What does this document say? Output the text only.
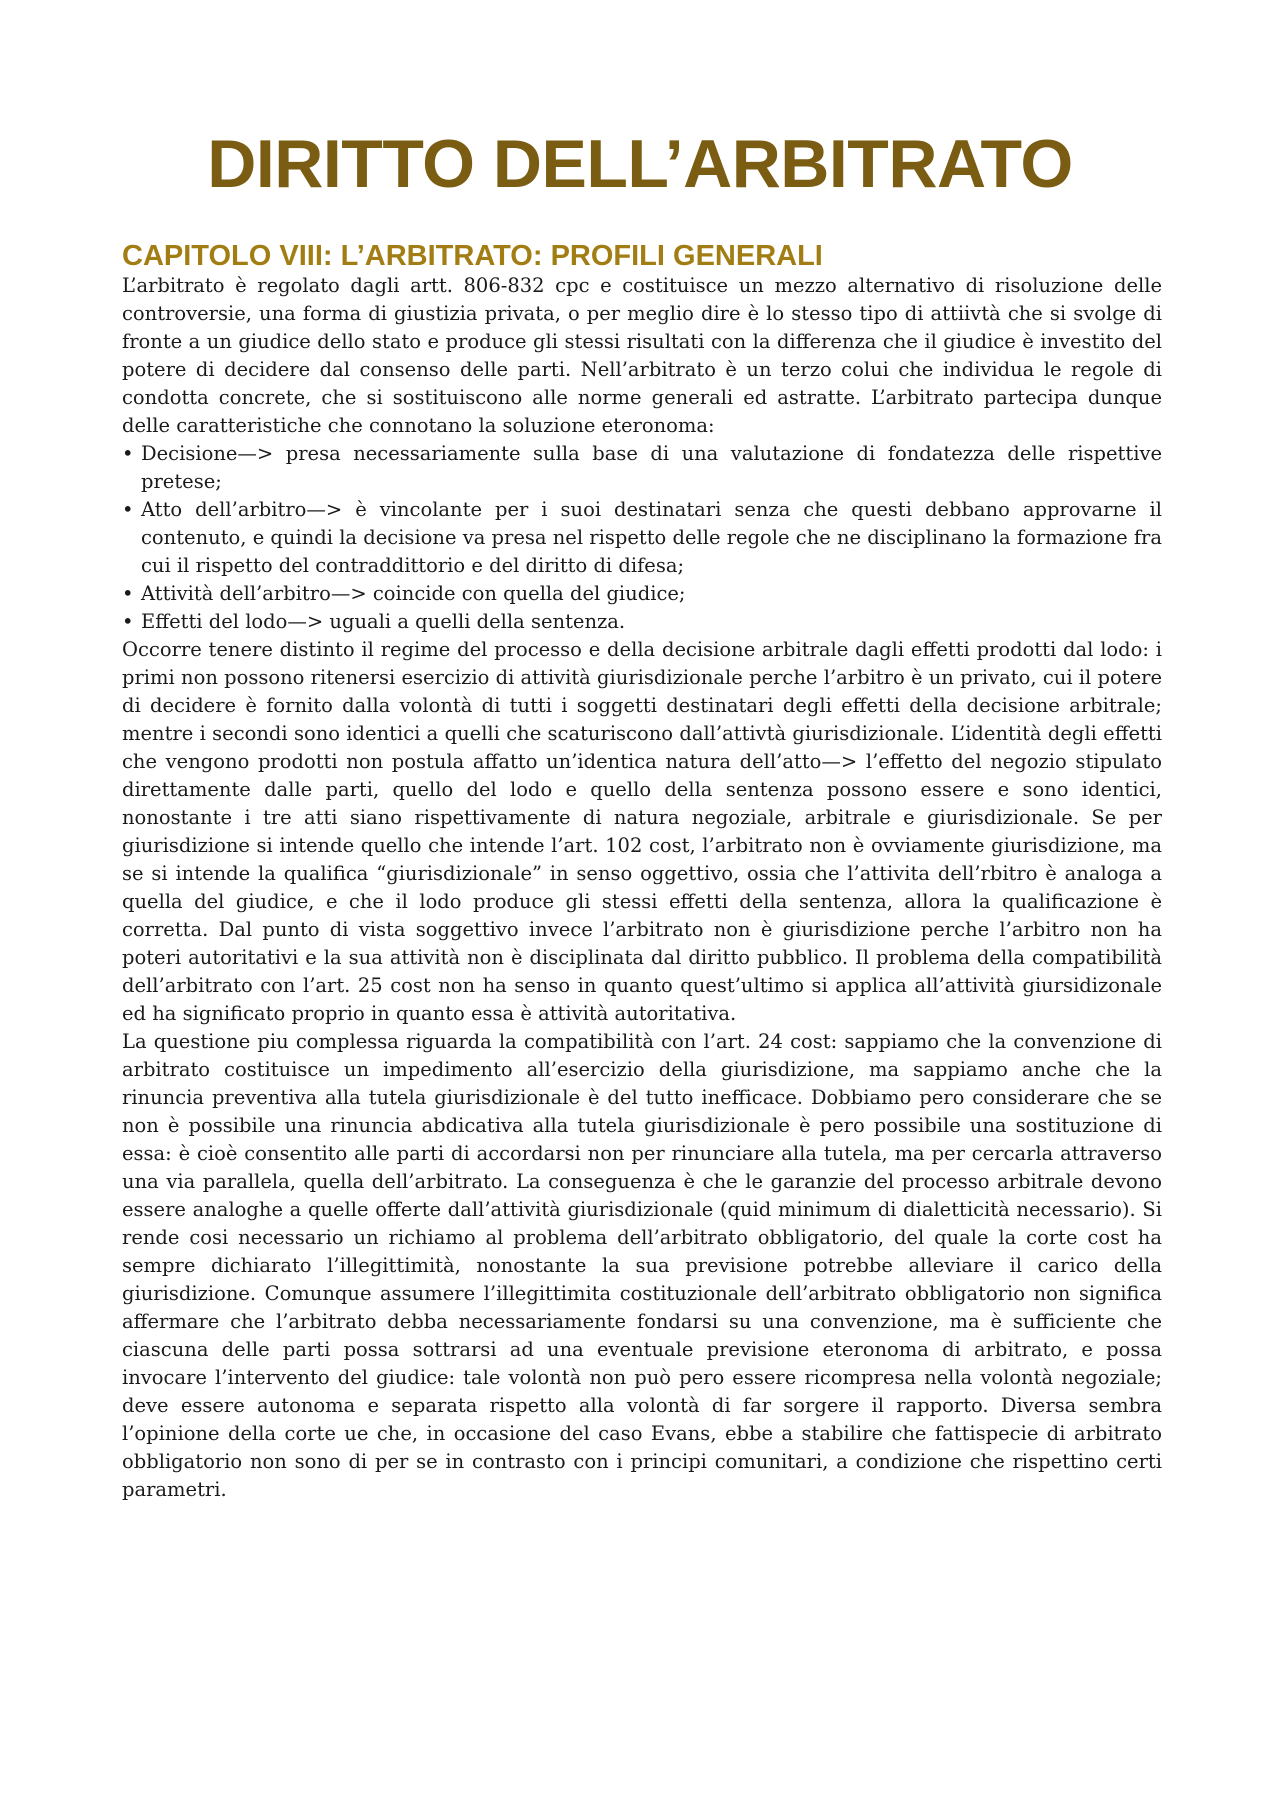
DIRITTO DELL’ARBITRATO
CAPITOLO VIII: L’ARBITRATO: PROFILI GENERALI

L’arbitrato è regolato dagli artt. 806-832 cpc e costituisce un mezzo alternativo di risoluzione delle controversie, una forma di giustizia privata, o per meglio dire è lo stesso tipo di attiivtà che si svolge di fronte a un giudice dello stato e produce gli stessi risultati con la differenza che il giudice è investito del potere di decidere dal consenso delle parti. Nell’arbitrato è un terzo colui che individua le regole di condotta concrete, che si sostituiscono alle norme generali ed astratte. L’arbitrato partecipa dunque delle caratteristiche che connotano la soluzione eteronoma:

• Decisione—> presa necessariamente sulla base di una valutazione di fondatezza delle rispettive pretese;
• Atto dell’arbitro—> è vincolante per i suoi destinatari senza che questi debbano approvarne il contenuto, e quindi la decisione va presa nel rispetto delle regole che ne disciplinano la formazione fra cui il rispetto del contraddittorio e del diritto di difesa;
• Attività dell’arbitro—> coincide con quella del giudice;
• Effetti del lodo—> uguali a quelli della sentenza.

Occorre tenere distinto il regime del processo e della decisione arbitrale dagli effetti prodotti dal lodo: i primi non possono ritenersi esercizio di attività giurisdizionale perche l’arbitro è un privato, cui il potere di decidere è fornito dalla volontà di tutti i soggetti destinatari degli effetti della decisione arbitrale; mentre i secondi sono identici a quelli che scaturiscono dall’attivtà giurisdizionale. L’identità degli effetti che vengono prodotti non postula affatto un’identica natura dell’atto—> l’effetto del negozio stipulato direttamente dalle parti, quello del lodo e quello della sentenza possono essere e sono identici, nonostante i tre atti siano rispettivamente di natura negoziale, arbitrale e giurisdizionale. Se per giurisdizione si intende quello che intende l’art. 102 cost, l’arbitrato non è ovviamente giurisdizione, ma se si intende la qualifica “giurisdizionale” in senso oggettivo, ossia che l’attivita dell’rbitro è analoga a quella del giudice, e che il lodo produce gli stessi effetti della sentenza, allora la qualificazione è corretta. Dal punto di vista soggettivo invece l’arbitrato non è giurisdizione perche l’arbitro non ha poteri autoritativi e la sua attività non è disciplinata dal diritto pubblico. Il problema della compatibilità dell’arbitrato con l’art. 25 cost non ha senso in quanto quest’ultimo si applica all’attività giursidizonale ed ha significato proprio in quanto essa è attività autoritativa.

La questione piu complessa riguarda la compatibilità con l’art. 24 cost: sappiamo che la convenzione di arbitrato costituisce un impedimento all’esercizio della giurisdizione, ma sappiamo anche che la rinuncia preventiva alla tutela giurisdizionale è del tutto inefficace. Dobbiamo pero considerare che se non è possibile una rinuncia abdicativa alla tutela giurisdizionale è pero possibile una sostituzione di essa: è cioè consentito alle parti di accordarsi non per rinunciare alla tutela, ma per cercarla attraverso una via parallela, quella dell’arbitrato. La conseguenza è che le garanzie del processo arbitrale devono essere analoghe a quelle offerte dall’attività giurisdizionale (quid minimum di dialetticità necessario). Si rende cosi necessario un richiamo al problema dell’arbitrato obbligatorio, del quale la corte cost ha sempre dichiarato l’illegittimità, nonostante la sua previsione potrebbe alleviare il carico della giurisdizione. Comunque assumere l’illegittimita costituzionale dell’arbitrato obbligatorio non significa affermare che l’arbitrato debba necessariamente fondarsi su una convenzione, ma è sufficiente che ciascuna delle parti possa sottrarsi ad una eventuale previsione eteronoma di arbitrato, e possa invocare l’intervento del giudice: tale volontà non può pero essere ricompresa nella volontà negoziale; deve essere autonoma e separata rispetto alla volontà di far sorgere il rapporto. Diversa sembra l’opinione della corte ue che, in occasione del caso Evans, ebbe a stabilire che fattispecie di arbitrato obbligatorio non sono di per se in contrasto con i principi comunitari, a condizione che rispettino certi parametri.
